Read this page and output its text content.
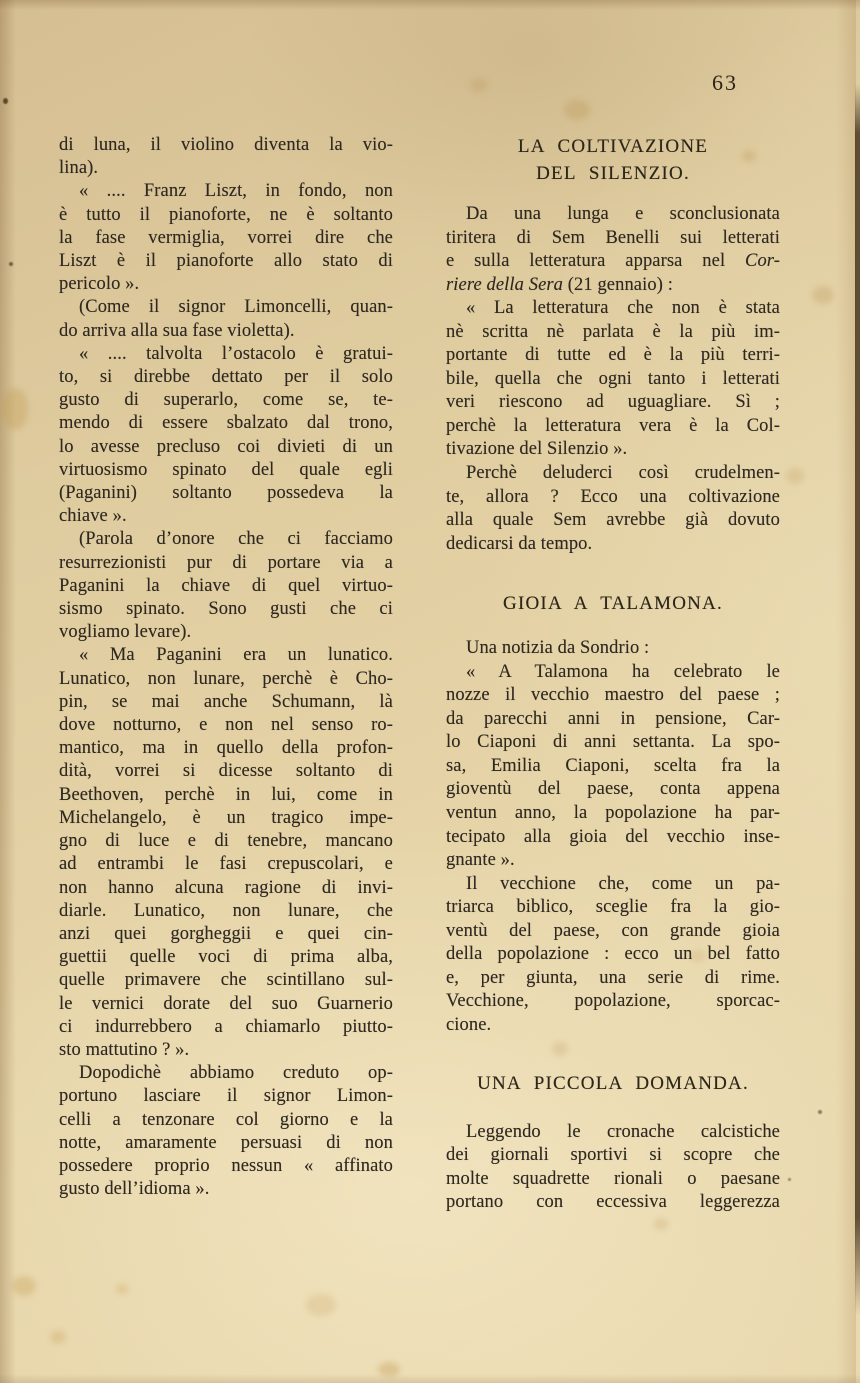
63
di luna, il violino diventa la vio-
lina).
« .... Franz Liszt, in fondo, non
è tutto il pianoforte, ne è soltanto
la fase vermiglia, vorrei dire che
Liszt è il pianoforte allo stato di
pericolo ».
(Come il signor Limoncelli, quan-
do arriva alla sua fase violetta).
« .... talvolta l’ostacolo è gratui-
to, si direbbe dettato per il solo
gusto di superarlo, come se, te-
mendo di essere sbalzato dal trono,
lo avesse precluso coi divieti di un
virtuosismo spinato del quale egli
(Paganini) soltanto possedeva la
chiave ».
(Parola d’onore che ci facciamo
resurrezionisti pur di portare via a
Paganini la chiave di quel virtuo-
sismo spinato. Sono gusti che ci
vogliamo levare).
« Ma Paganini era un lunatico.
Lunatico, non lunare, perchè è Cho-
pin, se mai anche Schumann, là
dove notturno, e non nel senso ro-
mantico, ma in quello della profon-
dità, vorrei si dicesse soltanto di
Beethoven, perchè in lui, come in
Michelangelo, è un tragico impe-
gno di luce e di tenebre, mancano
ad entrambi le fasi crepuscolari, e
non hanno alcuna ragione di invi-
diarle. Lunatico, non lunare, che
anzi quei gorgheggii e quei cin-
guettii quelle voci di prima alba,
quelle primavere che scintillano sul-
le vernici dorate del suo Guarnerio
ci indurrebbero a chiamarlo piutto-
sto mattutino ? ».
Dopodichè abbiamo creduto op-
portuno lasciare il signor Limon-
celli a tenzonare col giorno e la
notte, amaramente persuasi di non
possedere proprio nessun « affinato
gusto dell’idioma ».
LA COLTIVAZIONE
DEL SILENZIO.
Da una lunga e sconclusionata
tiritera di Sem Benelli sui letterati
e sulla letteratura apparsa nel Cor-
riere della Sera (21 gennaio) :
« La letteratura che non è stata
nè scritta nè parlata è la più im-
portante di tutte ed è la più terri-
bile, quella che ogni tanto i letterati
veri riescono ad uguagliare. Sì ;
perchè la letteratura vera è la Col-
tivazione del Silenzio ».
Perchè deluderci così crudelmen-
te, allora ? Ecco una coltivazione
alla quale Sem avrebbe già dovuto
dedicarsi da tempo.
GIOIA A TALAMONA.
Una notizia da Sondrio :
« A Talamona ha celebrato le
nozze il vecchio maestro del paese ;
da parecchi anni in pensione, Car-
lo Ciaponi di anni settanta. La spo-
sa, Emilia Ciaponi, scelta fra la
gioventù del paese, conta appena
ventun anno, la popolazione ha par-
tecipato alla gioia del vecchio inse-
gnante ».
Il vecchione che, come un pa-
triarca biblico, sceglie fra la gio-
ventù del paese, con grande gioia
della popolazione : ecco un bel fatto
e, per giunta, una serie di rime.
Vecchione, popolazione, sporcac-
cione.
UNA PICCOLA DOMANDA.
Leggendo le cronache calcistiche
dei giornali sportivi si scopre che
molte squadrette rionali o paesane
portano con eccessiva leggerezza
